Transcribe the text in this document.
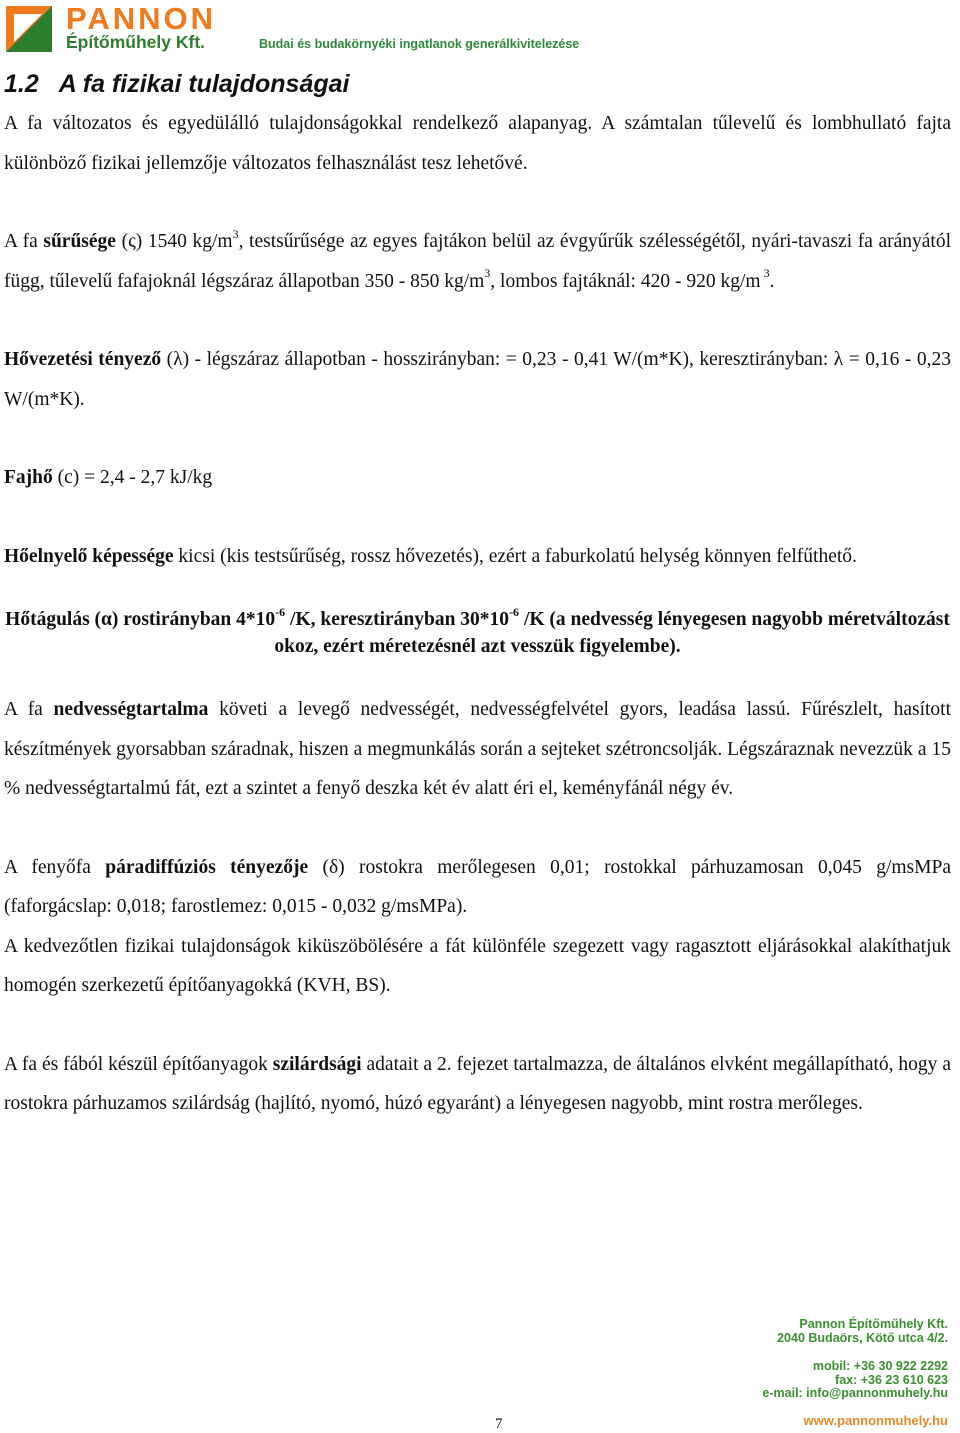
PANNON
Építőműhely Kft.	Budai és budakörnyéki ingatlanok generálkivitelezése
1.2 A fa fizikai tulajdonságai

A fa változatos és egyedülálló tulajdonságokkal rendelkező alapanyag. A számtalan tűlevelű és lombhullató fajta különböző fizikai jellemzője változatos felhasználást tesz lehetővé.

A fa sűrűsége (ς) 1540 $kg/m^3$, testsűrűsége az egyes fajtákon belül az évgyűrűk szélességétől, nyári-tavaszi fa arányától függ, tűlevelű fafajoknál légszáraz állapotban 350 - 850 $kg/m^3$, lombos fajtáknál: 420 - 920 kg/m $^3$.

Hővezetési tényező (λ) - légszáraz állapotban - hosszirányban: = 0,23 - 0,41 W/(m*K), keresztirányban: λ = 0,16 - 0,23 W/(m*K).

Fajhő (c) = 2,4 - 2,7 kJ/kg

Hőelnyelő képessége kicsi (kis testsűrűség, rossz hővezetés), ezért a faburkolatú helység könnyen felfűthető.

Hőtágulás (α) rostirányban $4*10^{-6}$ /K, keresztirányban $30*10^{-6}$ /K (a nedvesség lényegesen nagyobb méretváltozást okoz, ezért méretezésnél azt vesszük figyelembe).

A fa nedvességtartalma követi a levegő nedvességét, nedvességfelvétel gyors, leadása lassú. Fűrészlelt, hasított készítmények gyorsabban száradnak, hiszen a megmunkálás során a sejteket szétroncsolják. Légszáraznak nevezzük a 15 % nedvességtartalmú fát, ezt a szintet a fenyő deszka két év alatt éri el, keményfánál négy év.

A fenyőfa páradiffúziós tényezője (δ) rostokra merőlegesen 0,01; rostokkal párhuzamosan 0,045 g/msMPa (faforgácslap: 0,018; farostlemez: 0,015 - 0,032 g/msMPa).

A kedvezőtlen fizikai tulajdonságok kiküszöbölésére a fát különféle szegezett vagy ragasztott eljárásokkal alakíthatjuk homogén szerkezetű építőanyagokká (KVH, BS).

A fa és fából készül építőanyagok szilárdsági adatait a 2. fejezet tartalmazza, de általános elvként megállapítható, hogy a rostokra párhuzamos szilárdság (hajlító, nyomó, húzó egyaránt) a lényegesen nagyobb, mint rostra merőleges.

Pannon Építőműhely Kft.
2040 Budaörs, Kötő utca 4/2.
mobil: +36 30 922 2292
fax: +36 23 610 623
e-mail: info@pannonmuhely.hu
www.pannonmuhely.hu
7
